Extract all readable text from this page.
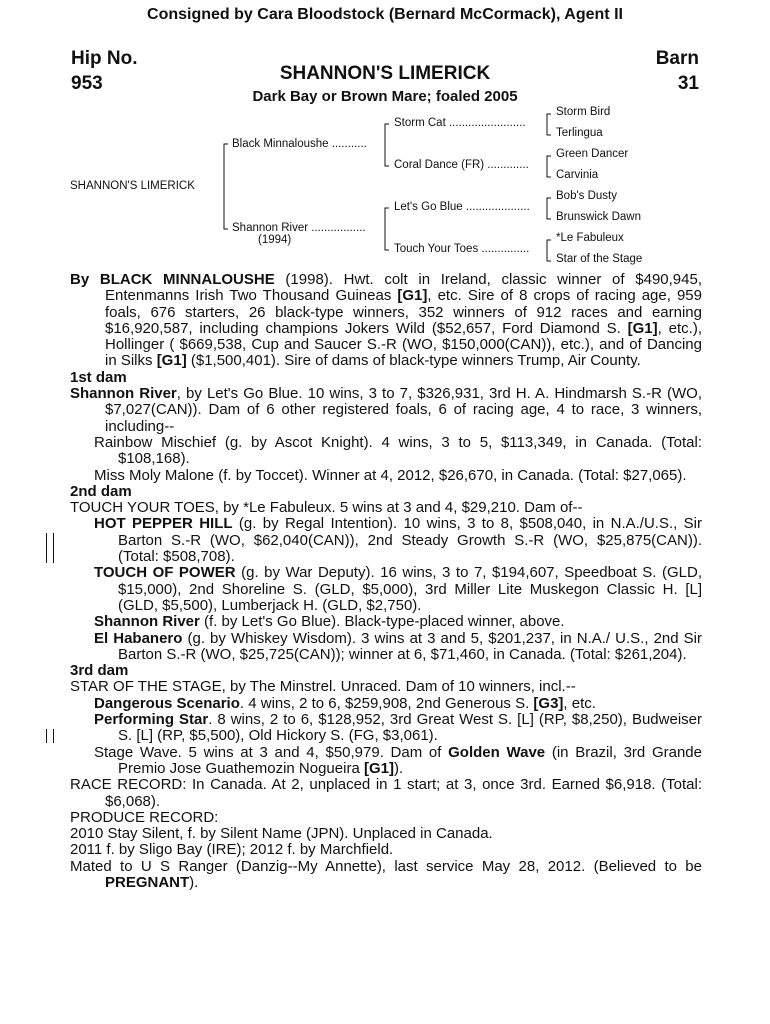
Consigned by Cara Bloodstock (Bernard McCormack), Agent II
Hip No.
953
Barn
31
SHANNON'S LIMERICK
Dark Bay or Brown Mare; foaled 2005
SHANNON'S LIMERICK
Black Minnaloushe ...........
Shannon River .................
(1994)
Storm Cat ........................
Coral Dance (FR) .............
Let's Go Blue ....................
Touch Your Toes ...............
Storm Bird
Terlingua
Green Dancer
Carvinia
Bob's Dusty
Brunswick Dawn
*Le Fabuleux
Star of the Stage

By BLACK MINNALOUSHE (1998). Hwt. colt in Ireland, classic winner of $490,945, Entenmanns Irish Two Thousand Guineas [G1], etc. Sire of 8 crops of racing age, 959 foals, 676 starters, 26 black-type winners, 352 winners of 912 races and earning $16,920,587, including champions Jokers Wild ($52,657, Ford Diamond S. [G1], etc.), Hollinger ( $669,538, Cup and Saucer S.-R (WO, $150,000(CAN)), etc.), and of Dancing in Silks [G1] ($1,500,401). Sire of dams of black-type winners Trump, Air County.

1st dam

Shannon River, by Let's Go Blue. 10 wins, 3 to 7, $326,931, 3rd H. A. Hindmarsh S.-R (WO, $7,027(CAN)). Dam of 6 other registered foals, 6 of racing age, 4 to race, 3 winners, including--

Rainbow Mischief (g. by Ascot Knight). 4 wins, 3 to 5, $113,349, in Canada. (Total: $108,168).

Miss Moly Malone (f. by Toccet). Winner at 4, 2012, $26,670, in Canada. (Total: $27,065).

2nd dam

TOUCH YOUR TOES, by *Le Fabuleux. 5 wins at 3 and 4, $29,210. Dam of--

HOT PEPPER HILL (g. by Regal Intention). 10 wins, 3 to 8, $508,040, in N.A./U.S., Sir Barton S.-R (WO, $62,040(CAN)), 2nd Steady Growth S.-R (WO, $25,875(CAN)). (Total: $508,708).

TOUCH OF POWER (g. by War Deputy). 16 wins, 3 to 7, $194,607, Speedboat S. (GLD, $15,000), 2nd Shoreline S. (GLD, $5,000), 3rd Miller Lite Muskegon Classic H. [L] (GLD, $5,500), Lumberjack H. (GLD, $2,750).

Shannon River (f. by Let's Go Blue). Black-type-placed winner, above.

El Habanero (g. by Whiskey Wisdom). 3 wins at 3 and 5, $201,237, in N.A./ U.S., 2nd Sir Barton S.-R (WO, $25,725(CAN)); winner at 6, $71,460, in Canada. (Total: $261,204).

3rd dam

STAR OF THE STAGE, by The Minstrel. Unraced. Dam of 10 winners, incl.--

Dangerous Scenario. 4 wins, 2 to 6, $259,908, 2nd Generous S. [G3], etc.

Performing Star. 8 wins, 2 to 6, $128,952, 3rd Great West S. [L] (RP, $8,250), Budweiser S. [L] (RP, $5,500), Old Hickory S. (FG, $3,061).

Stage Wave. 5 wins at 3 and 4, $50,979. Dam of Golden Wave (in Brazil, 3rd Grande Premio Jose Guathemozin Nogueira [G1]).

RACE RECORD: In Canada. At 2, unplaced in 1 start; at 3, once 3rd. Earned $6,918. (Total: $6,068).

PRODUCE RECORD:

2010 Stay Silent, f. by Silent Name (JPN). Unplaced in Canada.

2011 f. by Sligo Bay (IRE); 2012 f. by Marchfield.

Mated to U S Ranger (Danzig--My Annette), last service May 28, 2012. (Believed to be PREGNANT).
